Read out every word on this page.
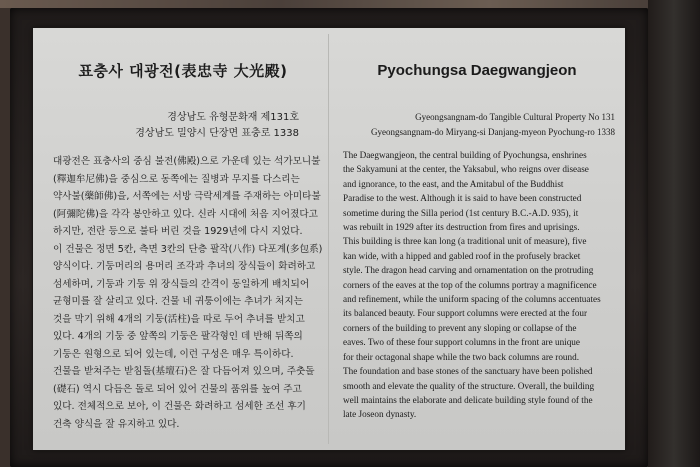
표충사 대광전(表忠寺 大光殿)
경상남도 유형문화재 제131호
경상남도 밀양시 단장면 표충로 1338
대광전은 표충사의 중심 불전(佛殿)으로 가운데 있는 석가모니불
(釋迦牟尼佛)을 중심으로 동쪽에는 질병과 무지를 다스리는
약사불(藥師佛)을, 서쪽에는 서방 극락세계를 주재하는 아미타불
(阿彌陀佛)을 각각 봉안하고 있다. 신라 시대에 처음 지어졌다고
하지만, 전란 등으로 불타 버린 것을 1929년에 다시 지었다.
이 건물은 정면 5칸, 측면 3칸의 단층 팔작(八作) 다포계(多包系)
양식이다. 기둥머리의 용머리 조각과 추녀의 장식들이 화려하고
섬세하며, 기둥과 기둥 위 장식들의 간격이 동일하게 배치되어
균형미를 잘 살리고 있다. 건물 네 귀퉁이에는 추녀가 처지는
것을 막기 위해 4개의 기둥(活柱)을 따로 두어 추녀를 받치고
있다. 4개의 기둥 중 앞쪽의 기둥은 팔각형인 데 반해 뒤쪽의
기둥은 원형으로 되어 있는데, 이런 구성은 매우 특이하다.
건물을 받쳐주는 받침돌(基壇石)은 잘 다듬어져 있으며, 주춧돌
(礎石) 역시 다듬은 돌로 되어 있어 건물의 품위를 높여 주고
있다. 전체적으로 보아, 이 건물은 화려하고 섬세한 조선 후기
건축 양식을 잘 유지하고 있다.
Pyochungsa Daegwangjeon
Gyeongsangnam-do Tangible Cultural Property No 131
Gyeongsangnam-do Miryang-si Danjang-myeon Pyochung-ro 1338
The Daegwangjeon, the central building of Pyochungsa, enshrines
the Sakyamuni at the center, the Yaksabul, who reigns over disease
and ignorance, to the east, and the Amitabul of the Buddhist
Paradise to the west. Although it is said to have been constructed
sometime during the Silla period (1st century B.C.-A.D. 935), it
was rebuilt in 1929 after its destruction from fires and uprisings.
This building is three kan long (a traditional unit of measure), five
kan wide, with a hipped and gabled roof in the profusely bracket
style. The dragon head carving and ornamentation on the protruding
corners of the eaves at the top of the columns portray a magnificence
and refinement, while the uniform spacing of the columns accentuates
its balanced beauty. Four support columns were erected at the four
corners of the building to prevent any sloping or collapse of the
eaves. Two of these four support columns in the front are unique
for their octagonal shape while the two back columns are round.
The foundation and base stones of the sanctuary have been polished
smooth and elevate the quality of the structure. Overall, the building
well maintains the elaborate and delicate building style found of the
late Joseon dynasty.
